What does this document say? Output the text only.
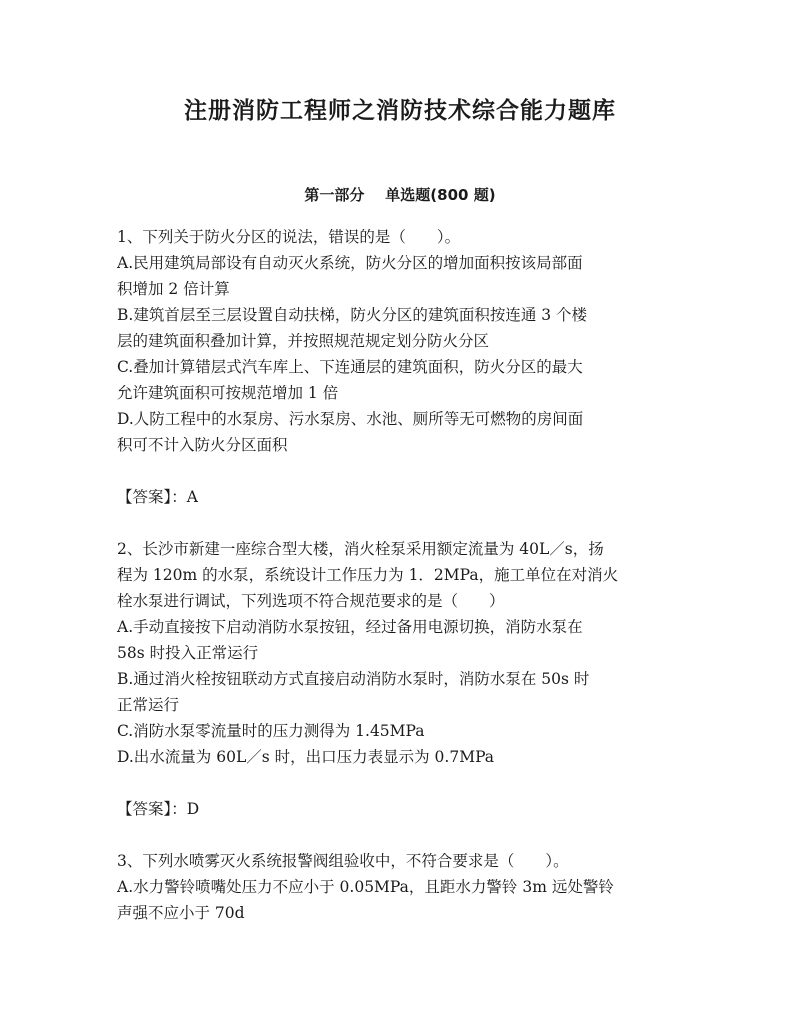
注册消防工程师之消防技术综合能力题库
第一部分    单选题(800 题)
1、下列关于防火分区的说法，错误的是（　　）。
A.民用建筑局部设有自动灭火系统，防火分区的增加面积按该局部面
积增加 2 倍计算
B.建筑首层至三层设置自动扶梯，防火分区的建筑面积按连通 3 个楼
层的建筑面积叠加计算，并按照规范规定划分防火分区
C.叠加计算错层式汽车库上、下连通层的建筑面积，防火分区的最大
允许建筑面积可按规范增加 1 倍
D.人防工程中的水泵房、污水泵房、水池、厕所等无可燃物的房间面
积可不计入防火分区面积
【答案】：A
2、长沙市新建一座综合型大楼，消火栓泵采用额定流量为 40L／s，扬
程为 120m 的水泵，系统设计工作压力为 1．2MPa，施工单位在对消火
栓水泵进行调试，下列选项不符合规范要求的是（　　）
A.手动直接按下启动消防水泵按钮，经过备用电源切换，消防水泵在
58s 时投入正常运行
B.通过消火栓按钮联动方式直接启动消防水泵时，消防水泵在 50s 时
正常运行
C.消防水泵零流量时的压力测得为 1.45MPa
D.出水流量为 60L／s 时，出口压力表显示为 0.7MPa
【答案】：D
3、下列水喷雾灭火系统报警阀组验收中，不符合要求是（　　）。
A.水力警铃喷嘴处压力不应小于 0.05MPa，且距水力警铃 3m 远处警铃
声强不应小于 70d
